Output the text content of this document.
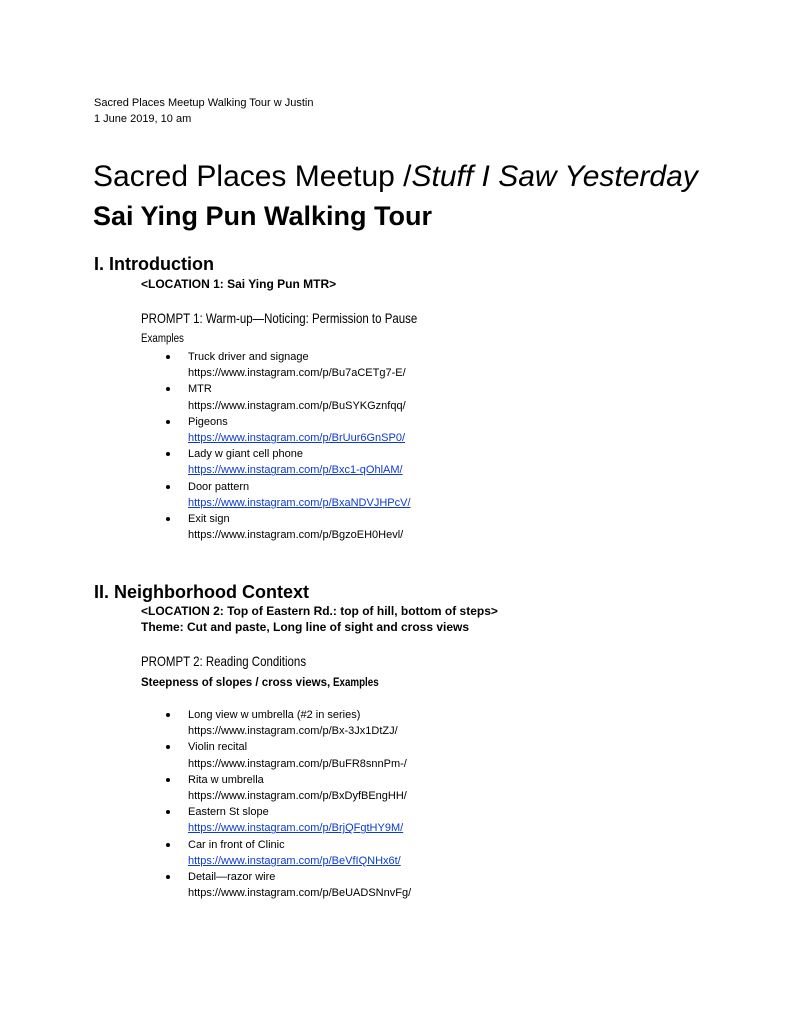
Sacred Places Meetup Walking Tour w Justin
1 June 2019, 10 am
Sacred Places Meetup /Stuff I Saw Yesterday
Sai Ying Pun Walking Tour
I. Introduction
<LOCATION 1: Sai Ying Pun MTR>
PROMPT 1: Warm-up—Noticing: Permission to Pause
Examples
Truck driver and signage
https://www.instagram.com/p/Bu7aCETg7-E/
MTR
https://www.instagram.com/p/BuSYKGznfqq/
Pigeons
https://www.instagram.com/p/BrUur6GnSP0/
Lady w giant cell phone
https://www.instagram.com/p/Bxc1-qOhlAM/
Door pattern
https://www.instagram.com/p/BxaNDVJHPcV/
Exit sign
https://www.instagram.com/p/BgzoEH0Hevl/
II. Neighborhood Context
<LOCATION 2: Top of Eastern Rd.: top of hill, bottom of steps>
Theme: Cut and paste, Long line of sight and cross views
PROMPT 2: Reading Conditions
Steepness of slopes / cross views, Examples
Long view w umbrella (#2 in series)
https://www.instagram.com/p/Bx-3Jx1DtZJ/
Violin recital
https://www.instagram.com/p/BuFR8snnPm-/
Rita w umbrella
https://www.instagram.com/p/BxDyfBEngHH/
Eastern St slope
https://www.instagram.com/p/BrjQFgtHY9M/
Car in front of Clinic
https://www.instagram.com/p/BeVfIQNHx6t/
Detail—razor wire
https://www.instagram.com/p/BeUADSNnvFg/
